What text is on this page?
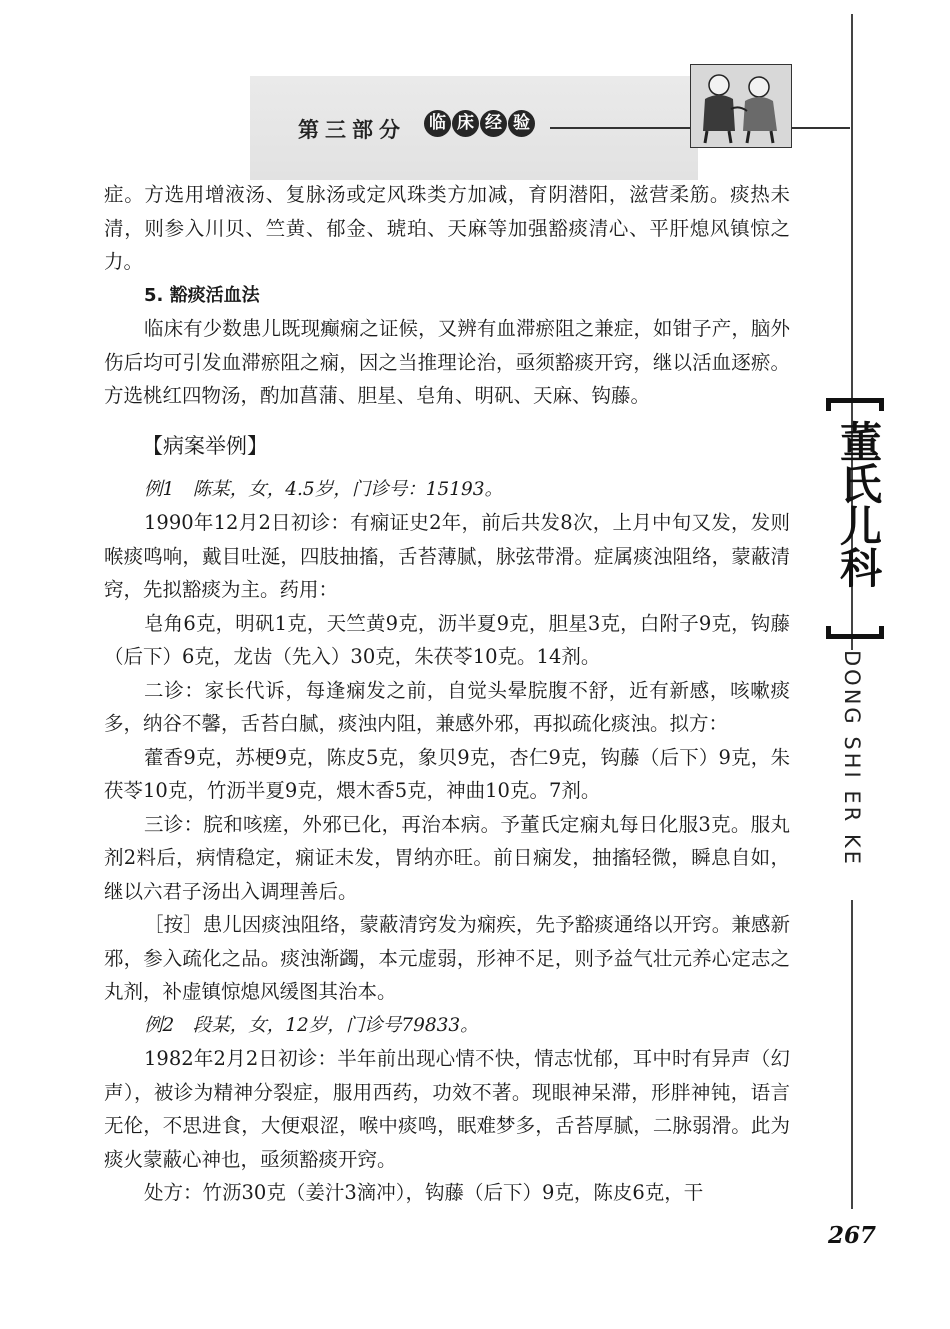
第三部分 临 床 经 验
董氏儿科
DONG SHI ER KE

症。方选用增液汤、复脉汤或定风珠类方加减，育阴潜阳，滋营柔筋。痰热未清，则参入川贝、竺黄、郁金、琥珀、天麻等加强豁痰清心、平肝熄风镇惊之力。

5. 豁痰活血法

临床有少数患儿既现癫痫之证候，又辨有血滞瘀阻之兼症，如钳子产，脑外伤后均可引发血滞瘀阻之痫，因之当推理论治，亟须豁痰开窍，继以活血逐瘀。方选桃红四物汤，酌加菖蒲、胆星、皂角、明矾、天麻、钩藤。

【病案举例】

例1　陈某，女，4.5岁，门诊号：15193。

1990年12月2日初诊：有痫证史2年，前后共发8次，上月中旬又发，发则喉痰鸣响，戴目吐涎，四肢抽搐，舌苔薄腻，脉弦带滑。症属痰浊阻络，蒙蔽清窍，先拟豁痰为主。药用：

皂角6克，明矾1克，天竺黄9克，沥半夏9克，胆星3克，白附子9克，钩藤（后下）6克，龙齿（先入）30克，朱茯苓10克。14剂。

二诊：家长代诉，每逢痫发之前，自觉头晕脘腹不舒，近有新感，咳嗽痰多，纳谷不馨，舌苔白腻，痰浊内阻，兼感外邪，再拟疏化痰浊。拟方：

藿香9克，苏梗9克，陈皮5克，象贝9克，杏仁9克，钩藤（后下）9克，朱茯苓10克，竹沥半夏9克，煨木香5克，神曲10克。7剂。

三诊：脘和咳瘥，外邪已化，再治本病。予董氏定痫丸每日化服3克。服丸剂2料后，病情稳定，痫证未发，胃纳亦旺。前日痫发，抽搐轻微，瞬息自如，继以六君子汤出入调理善后。

［按］患儿因痰浊阻络，蒙蔽清窍发为痫疾，先予豁痰通络以开窍。兼感新邪，参入疏化之品。痰浊渐蠲，本元虚弱，形神不足，则予益气壮元养心定志之丸剂，补虚镇惊熄风缓图其治本。

例2　段某，女，12岁，门诊号79833。

1982年2月2日初诊：半年前出现心情不快，情志忧郁，耳中时有异声（幻声），被诊为精神分裂症，服用西药，功效不著。现眼神呆滞，形胖神钝，语言无伦，不思进食，大便艰涩，喉中痰鸣，眠难梦多，舌苔厚腻，二脉弱滑。此为痰火蒙蔽心神也，亟须豁痰开窍。

处方：竹沥30克（姜汁3滴冲），钩藤（后下）9克，陈皮6克，干

267
